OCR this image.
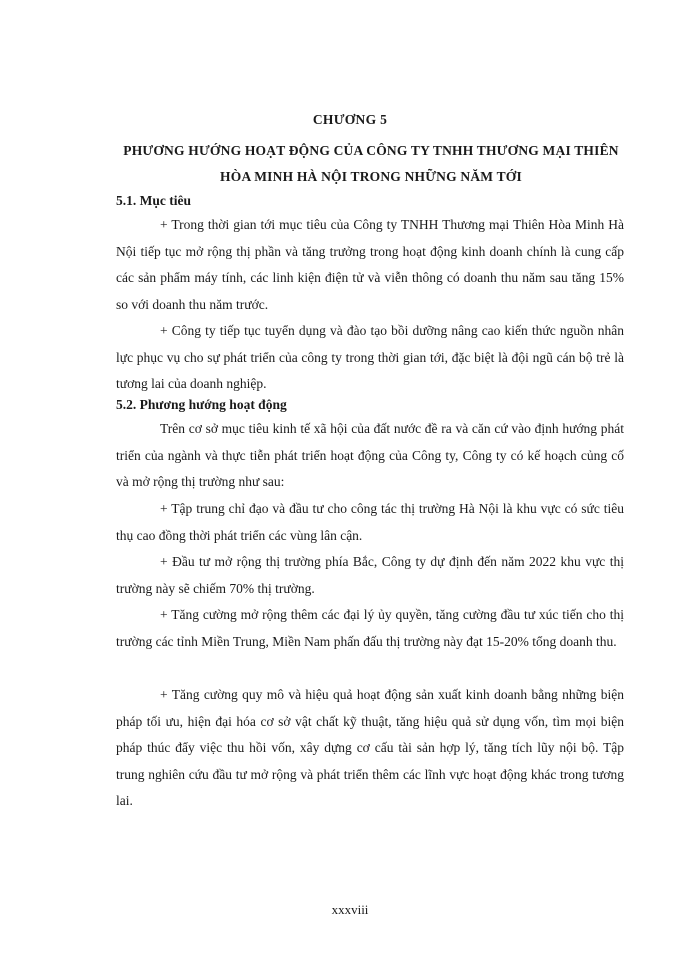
CHƯƠNG 5
PHƯƠNG HƯỚNG HOẠT ĐỘNG CỦA CÔNG TY TNHH THƯƠNG MẠI THIÊN HÒA MINH HÀ NỘI TRONG NHỮNG NĂM TỚI
5.1. Mục tiêu

+ Trong thời gian tới mục tiêu của Công ty TNHH Thương mại Thiên Hòa Minh Hà Nội tiếp tục mở rộng thị phần và tăng trưởng trong hoạt động kinh doanh chính là cung cấp các sản phẩm máy tính, các linh kiện điện tử và viễn thông có doanh thu năm sau tăng 15% so với doanh thu năm trước.

+ Công ty tiếp tục tuyển dụng và đào tạo bồi dưỡng nâng cao kiến thức nguồn nhân lực phục vụ cho sự phát triển của công ty trong thời gian tới, đặc biệt là đội ngũ cán bộ trẻ là tương lai của doanh nghiệp.

5.2. Phương hướng hoạt động

Trên cơ sở mục tiêu kinh tế xã hội của đất nước đề ra và căn cứ vào định hướng phát triển của ngành và thực tiễn phát triển hoạt động của Công ty, Công ty có kế hoạch củng cố và mở rộng thị trường như sau:

+ Tập trung chỉ đạo và đầu tư cho công tác thị trường Hà Nội là khu vực có sức tiêu thụ cao đồng thời phát triển các vùng lân cận.

+ Đầu tư mở rộng thị trường phía Bắc, Công ty dự định đến năm 2022 khu vực thị trường này sẽ chiếm 70% thị trường.

+ Tăng cường mở rộng thêm các đại lý ủy quyền, tăng cường đầu tư xúc tiến cho thị trường các tỉnh Miền Trung, Miền Nam phấn đấu thị trường này đạt 15-20% tổng doanh thu.

+ Tăng cường quy mô và hiệu quả hoạt động sản xuất kinh doanh bằng những biện pháp tối ưu, hiện đại hóa cơ sở vật chất kỹ thuật, tăng hiệu quả sử dụng vốn, tìm mọi biện pháp thúc đẩy việc thu hồi vốn, xây dựng cơ cấu tài sản hợp lý, tăng tích lũy nội bộ. Tập trung nghiên cứu đầu tư mở rộng và phát triển thêm các lĩnh vực hoạt động khác trong tương lai.

xxxviii
